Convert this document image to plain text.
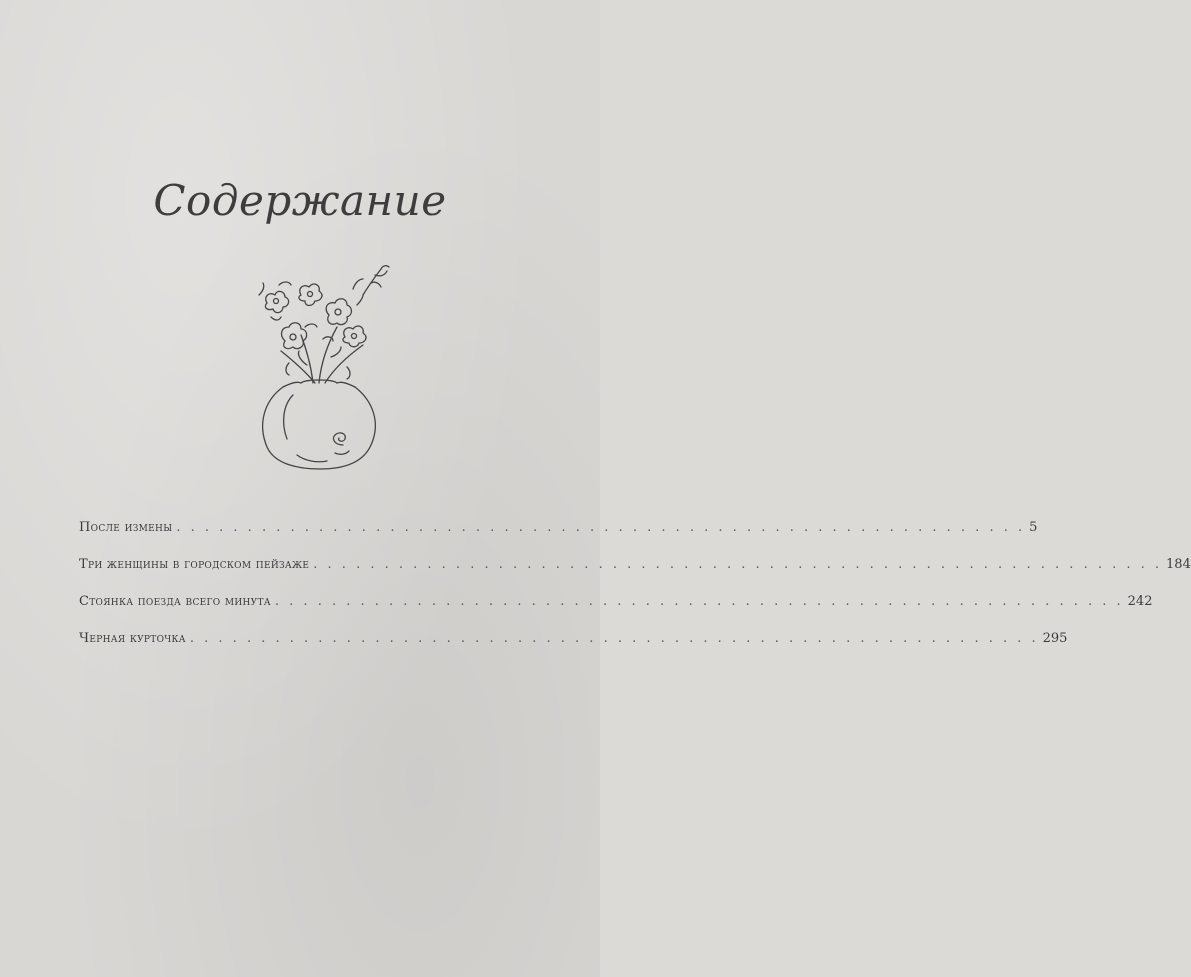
Содержание
После измены . . . . . . . . . . . . . . . . . . . . . . . . . . . . . . . . . . . . . . . . . . . . . . . . . . . . . . . . . . . . 5
Три женщины в городском пейзаже . . . . . . . . . . . . . . . . . . . . . . . . . . . . . . . . . . . . . . . . . . . . . . . . . . . . . . . . . . . . 184
Стоянка поезда всего минута . . . . . . . . . . . . . . . . . . . . . . . . . . . . . . . . . . . . . . . . . . . . . . . . . . . . . . . . . . . . 242
Черная курточка . . . . . . . . . . . . . . . . . . . . . . . . . . . . . . . . . . . . . . . . . . . . . . . . . . . . . . . . . . . . 295
